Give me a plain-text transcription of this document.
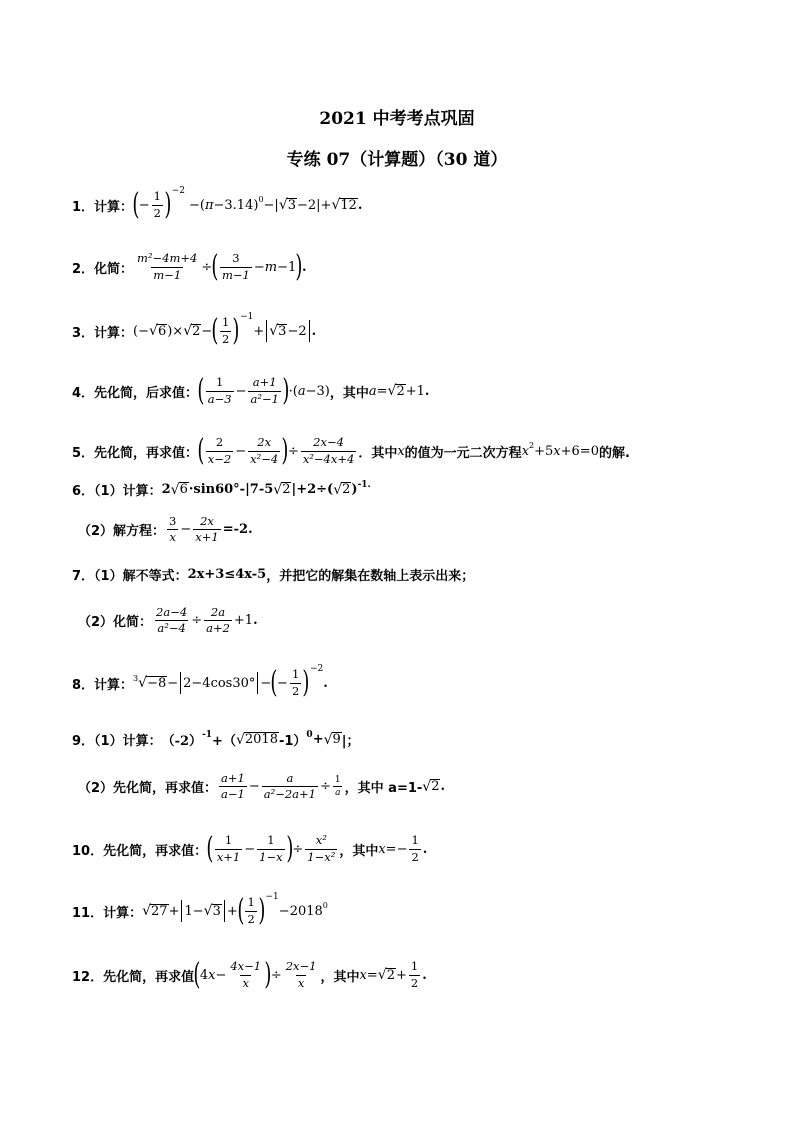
2021 中考考点巩固
专练 07（计算题）（30 道）
1．计算： ( − $\frac{1}{2}$ ) −2
−( π −3.14) 0 −| √ 3 −2|+ √ 12 .
2．化简： $\frac{\text{m²−4m+4}}{m-1}$ ÷ ( $\frac{3}{m-1} - m -1$ ) .
3．计算： (− √ 6 )× √ 2 − ( $\frac{1}{2}$ ) −1
+ √ 3 −2 .
4．先化简，后求值： ( $\frac{1}{a-3} - \frac{a+1}{\text{a²−1}}$ ) ·( a −3) ，其中 a = √ 2 +1 .
5．先化简，再求值： ( $\frac{2}{x-2} - \frac{2x}{\text{x²−4}}$ ) ÷ $\frac{2x-4}{\text{x²−4x+4}}$ ．其中 x 的值为一元二次方程 x 2 +5 x +6=0 的解.
6．（1）计算： 2 √ 6 ·sin60°-|7-5 √ 2 |+2÷( √ 2 ) -1.
（2）解方程： $\frac{3}{x} - \frac{2x}{x+1} =-2$.
7．（1）解不等式： 2x+3≤4x-5 ，并把它的解集在数轴上表示出来；
（2）化简： $\frac{2a-4}{\text{a²−4}} \div \frac{2a}{a+2} +1$ .
8．计算： 3 √ −8 − 2−4cos30° − ( − $\frac{1}{2}$ ) −2
.
9．（1）计算： （-2） -1 +（ √ 2018 -1） 0 + √ 9 |；
（2）先化简，再求值： $\frac{a+1}{a-1} - \frac{a}{\text{a²−2a+1}} \div \frac{1}{a}$ ，其中 a=1- √ 2 .
10．先化简，再求值： ( $\frac{1}{x+1} - \frac{1}{1-x}$ ) ÷ $\frac{\text{x²}}{\text{1−x²}}$ ，其中 $x =- \frac{1}{2}$ .
11．计算： √ 27 + 1− √ 3 + ( $\frac{1}{2}$ ) −1
−2018 0
12．先化简，再求值 ( 4 $x - \frac{4x-1}{x}$ ) ÷ $\frac{2x-1}{x}$ ，其中 x = √ $2 + \frac{1}{2}$ .
